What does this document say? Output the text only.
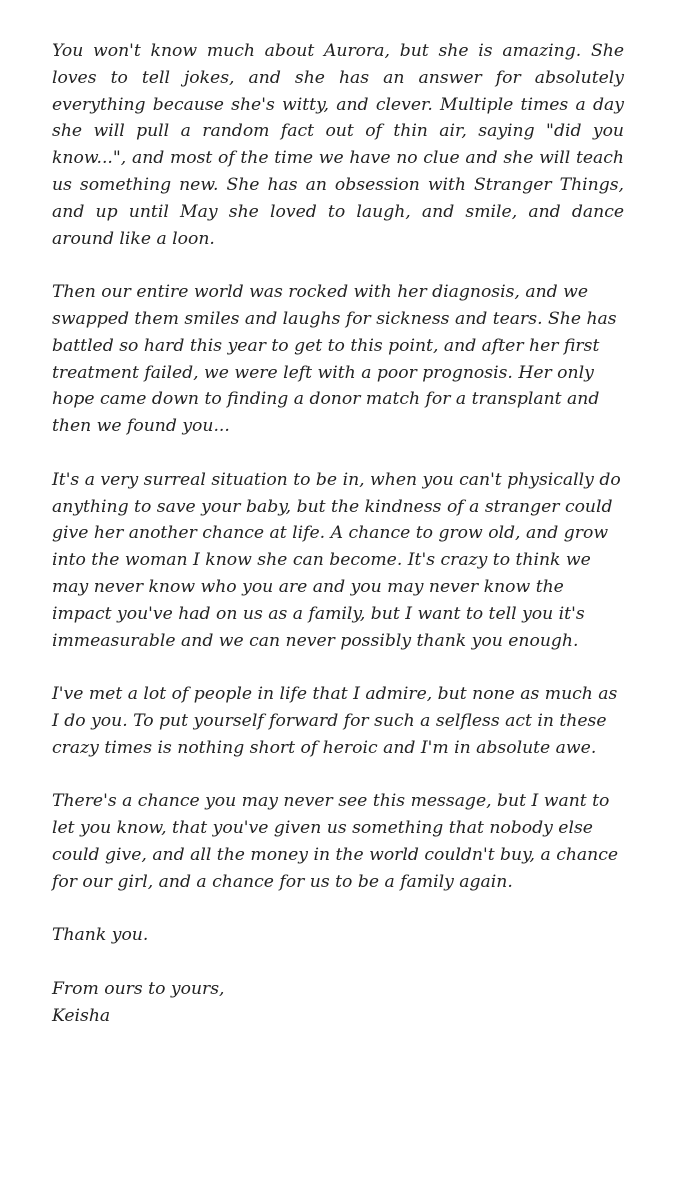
You won't know much about Aurora, but she is amazing. She loves to tell jokes, and she has an answer for absolutely everything because she's witty, and clever. Multiple times a day she will pull a random fact out of thin air, saying "did you know...", and most of the time we have no clue and she will teach us something new. She has an obsession with Stranger Things, and up until May she loved to laugh, and smile, and dance around like a loon.

Then our entire world was rocked with her diagnosis, and we swapped them smiles and laughs for sickness and tears. She has battled so hard this year to get to this point, and after her first treatment failed, we were left with a poor prognosis. Her only hope came down to finding a donor match for a transplant and then we found you...

It's a very surreal situation to be in, when you can't physically do anything to save your baby, but the kindness of a stranger could give her another chance at life. A chance to grow old, and grow into the woman I know she can become. It's crazy to think we may never know who you are and you may never know the impact you've had on us as a family, but I want to tell you it's immeasurable and we can never possibly thank you enough.

I've met a lot of people in life that I admire, but none as much as I do you. To put yourself forward for such a selfless act in these crazy times is nothing short of heroic and I'm in absolute awe.

There's a chance you may never see this message, but I want to let you know, that you've given us something that nobody else could give, and all the money in the world couldn't buy, a chance for our girl, and a chance for us to be a family again.

Thank you.

From ours to yours,
Keisha
